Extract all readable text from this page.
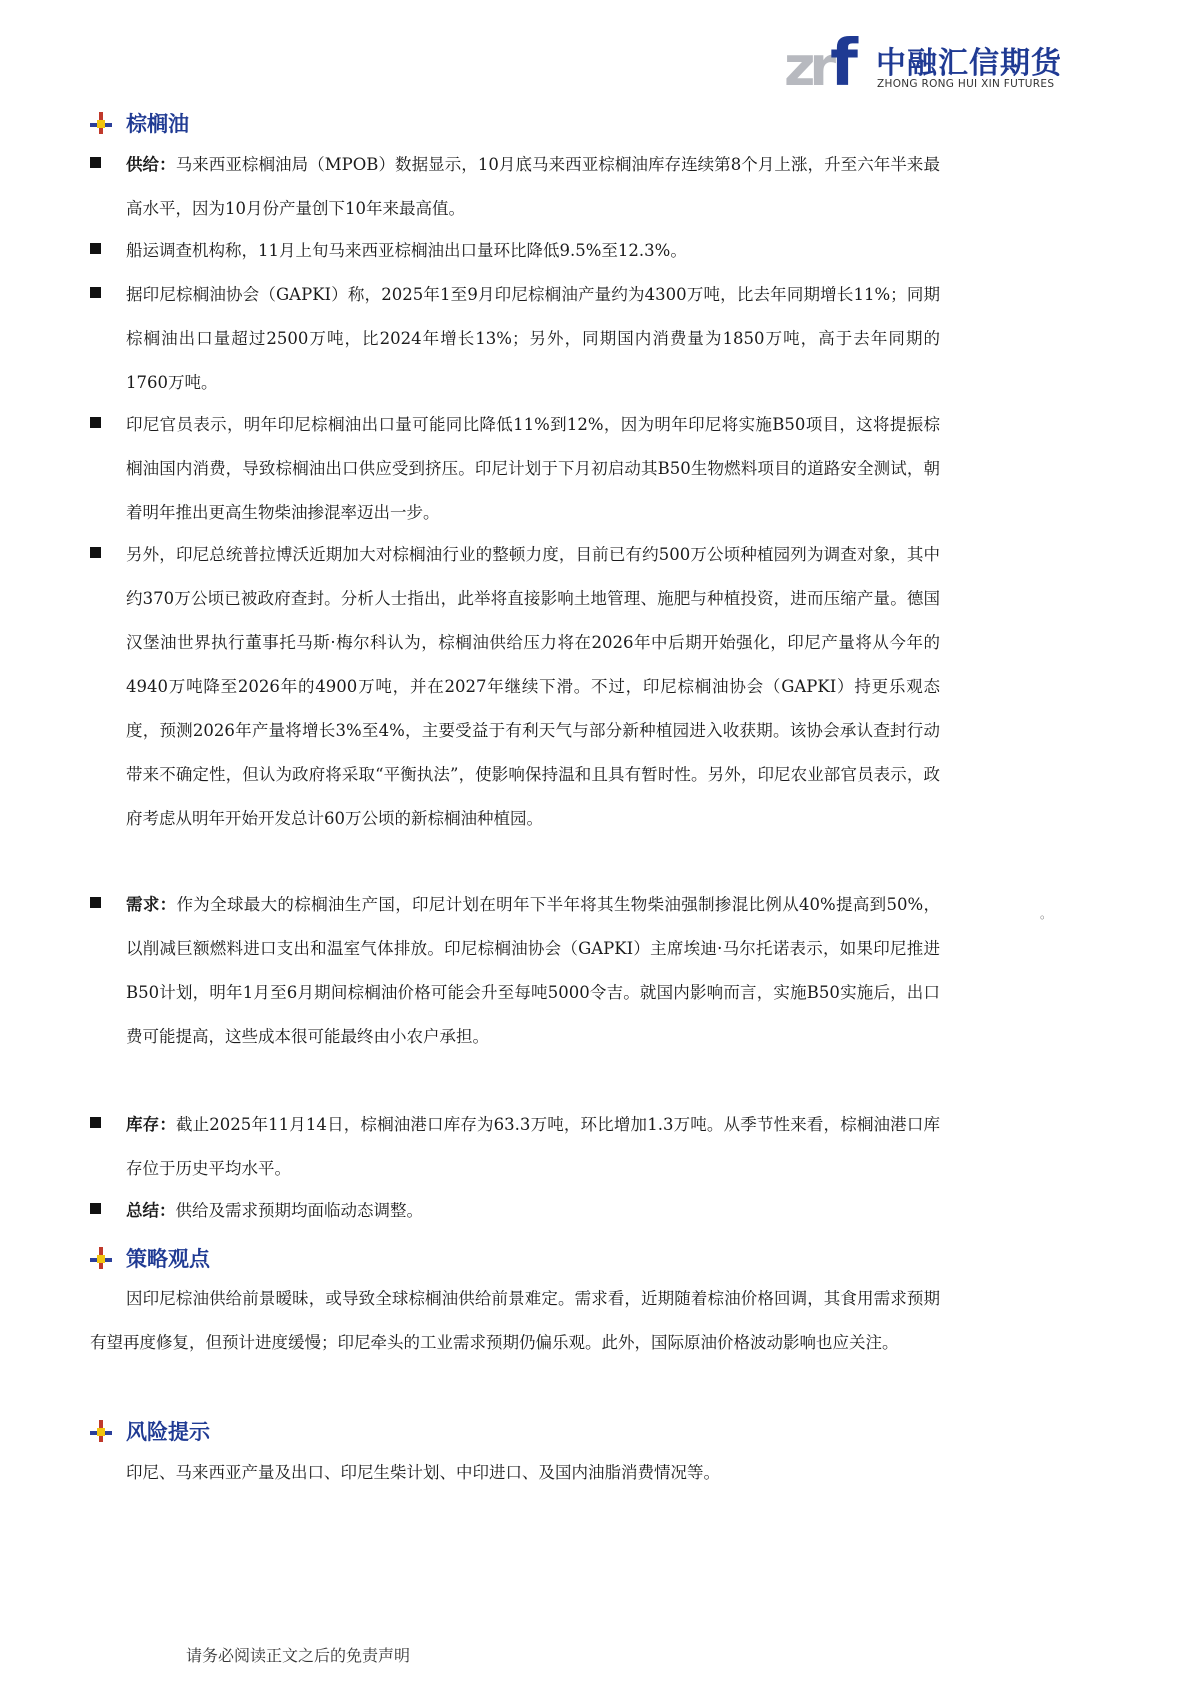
zrf 中融汇信期货
ZHONG RONG HUI XIN FUTURES
棕榈油
供给：马来西亚棕榈油局（MPOB）数据显示，10月底马来西亚棕榈油库存连续第8个月上涨，升至六年半来最高水平，因为10月份产量创下10年来最高值。
船运调查机构称，11月上旬马来西亚棕榈油出口量环比降低9.5%至12.3%。
据印尼棕榈油协会（GAPKI）称，2025年1至9月印尼棕榈油产量约为4300万吨，比去年同期增长11%；同期棕榈油出口量超过2500万吨，比2024年增长13%；另外，同期国内消费量为1850万吨，高于去年同期的1760万吨。
印尼官员表示，明年印尼棕榈油出口量可能同比降低11%到12%，因为明年印尼将实施B50项目，这将提振棕榈油国内消费，导致棕榈油出口供应受到挤压。印尼计划于下月初启动其B50生物燃料项目的道路安全测试，朝着明年推出更高生物柴油掺混率迈出一步。
另外，印尼总统普拉博沃近期加大对棕榈油行业的整顿力度，目前已有约500万公顷种植园列为调查对象，其中约370万公顷已被政府查封。分析人士指出，此举将直接影响土地管理、施肥与种植投资，进而压缩产量。德国汉堡油世界执行董事托马斯·梅尔科认为，棕榈油供给压力将在2026年中后期开始强化，印尼产量将从今年的4940万吨降至2026年的4900万吨，并在2027年继续下滑。不过，印尼棕榈油协会（GAPKI）持更乐观态度，预测2026年产量将增长3%至4%，主要受益于有利天气与部分新种植园进入收获期。该协会承认查封行动带来不确定性，但认为政府将采取“平衡执法”，使影响保持温和且具有暂时性。另外，印尼农业部官员表示，政府考虑从明年开始开发总计60万公顷的新棕榈油种植园。
。
需求：作为全球最大的棕榈油生产国，印尼计划在明年下半年将其生物柴油强制掺混比例从40%提高到50%，以削减巨额燃料进口支出和温室气体排放。印尼棕榈油协会（GAPKI）主席埃迪·马尔托诺表示，如果印尼推进B50计划，明年1月至6月期间棕榈油价格可能会升至每吨5000令吉。就国内影响而言，实施B50实施后，出口费可能提高，这些成本很可能最终由小农户承担。
库存：截止2025年11月14日，棕榈油港口库存为63.3万吨，环比增加1.3万吨。从季节性来看，棕榈油港口库存位于历史平均水平。
总结：供给及需求预期均面临动态调整。
策略观点
因印尼棕油供给前景暧昧，或导致全球棕榈油供给前景难定。需求看，近期随着棕油价格回调，其食用需求预期有望再度修复，但预计进度缓慢；印尼牵头的工业需求预期仍偏乐观。此外，国际原油价格波动影响也应关注。
风险提示
印尼、马来西亚产量及出口、印尼生柴计划、中印进口、及国内油脂消费情况等。
请务必阅读正文之后的免责声明
